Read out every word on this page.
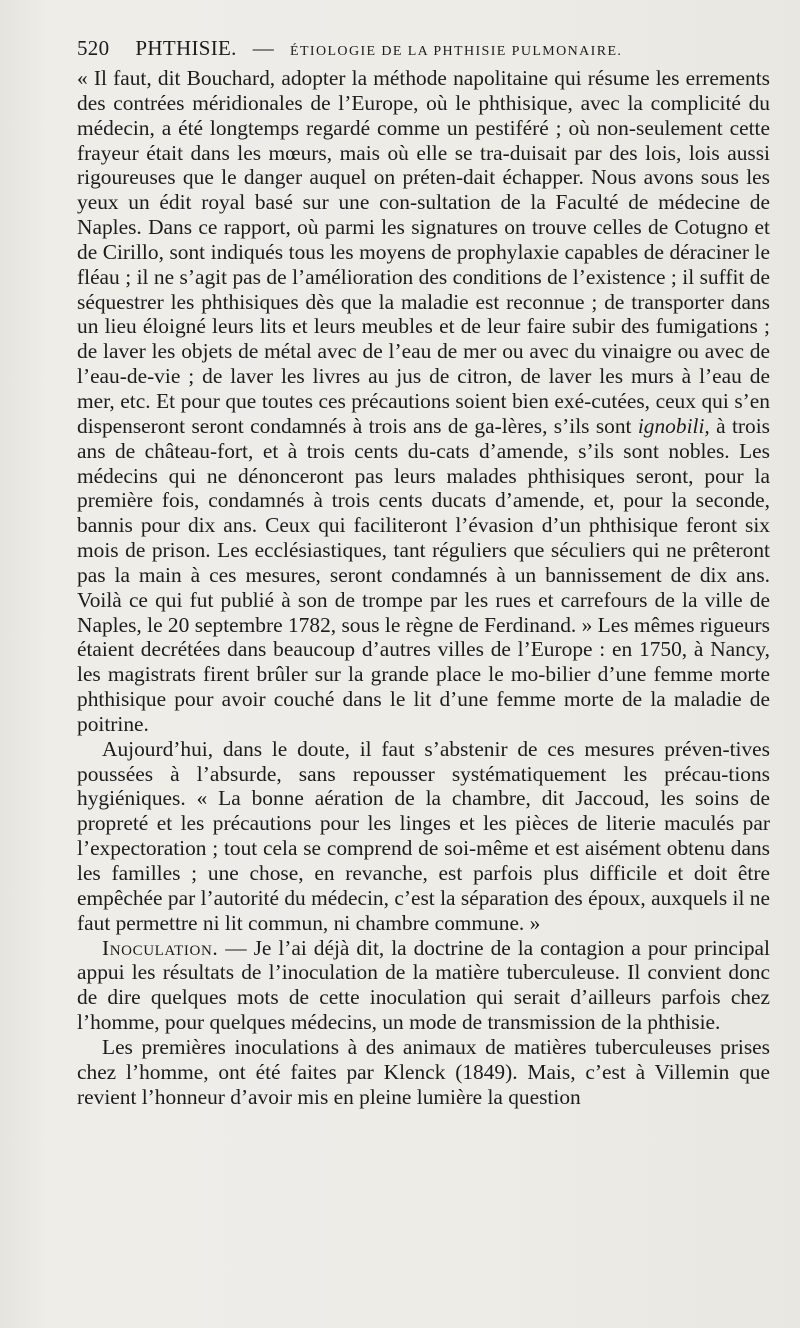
520 PHTHISIE. — ÉTIOLOGIE DE LA PHTHISIE PULMONAIRE.

« Il faut, dit Bouchard, adopter la méthode napolitaine qui résume les errements des contrées méridionales de l’Europe, où le phthisique, avec la complicité du médecin, a été longtemps regardé comme un pestiféré ; où non-seulement cette frayeur était dans les mœurs, mais où elle se tra-duisait par des lois, lois aussi rigoureuses que le danger auquel on préten-dait échapper. Nous avons sous les yeux un édit royal basé sur une con-sultation de la Faculté de médecine de Naples. Dans ce rapport, où parmi les signatures on trouve celles de Cotugno et de Cirillo, sont indiqués tous les moyens de prophylaxie capables de déraciner le fléau ; il ne s’agit pas de l’amélioration des conditions de l’existence ; il suffit de séquestrer les phthisiques dès que la maladie est reconnue ; de transporter dans un lieu éloigné leurs lits et leurs meubles et de leur faire subir des fumigations ; de laver les objets de métal avec de l’eau de mer ou avec du vinaigre ou avec de l’eau-de-vie ; de laver les livres au jus de citron, de laver les murs à l’eau de mer, etc. Et pour que toutes ces précautions soient bien exé-cutées, ceux qui s’en dispenseront seront condamnés à trois ans de ga-lères, s’ils sont ignobili, à trois ans de château-fort, et à trois cents du-cats d’amende, s’ils sont nobles. Les médecins qui ne dénonceront pas leurs malades phthisiques seront, pour la première fois, condamnés à trois cents ducats d’amende, et, pour la seconde, bannis pour dix ans. Ceux qui faciliteront l’évasion d’un phthisique feront six mois de prison. Les ecclésiastiques, tant réguliers que séculiers qui ne prêteront pas la main à ces mesures, seront condamnés à un bannissement de dix ans. Voilà ce qui fut publié à son de trompe par les rues et carrefours de la ville de Naples, le 20 septembre 1782, sous le règne de Ferdinand. » Les mêmes rigueurs étaient decrétées dans beaucoup d’autres villes de l’Europe : en 1750, à Nancy, les magistrats firent brûler sur la grande place le mo-bilier d’une femme morte phthisique pour avoir couché dans le lit d’une femme morte de la maladie de poitrine.

Aujourd’hui, dans le doute, il faut s’abstenir de ces mesures préven-tives poussées à l’absurde, sans repousser systématiquement les précau-tions hygiéniques. « La bonne aération de la chambre, dit Jaccoud, les soins de propreté et les précautions pour les linges et les pièces de literie maculés par l’expectoration ; tout cela se comprend de soi-même et est aisément obtenu dans les familles ; une chose, en revanche, est parfois plus difficile et doit être empêchée par l’autorité du médecin, c’est la séparation des époux, auxquels il ne faut permettre ni lit commun, ni chambre commune. »

Inoculation. — Je l’ai déjà dit, la doctrine de la contagion a pour principal appui les résultats de l’inoculation de la matière tuberculeuse. Il convient donc de dire quelques mots de cette inoculation qui serait d’ailleurs parfois chez l’homme, pour quelques médecins, un mode de transmission de la phthisie.

Les premières inoculations à des animaux de matières tuberculeuses prises chez l’homme, ont été faites par Klenck (1849). Mais, c’est à Villemin que revient l’honneur d’avoir mis en pleine lumière la question
